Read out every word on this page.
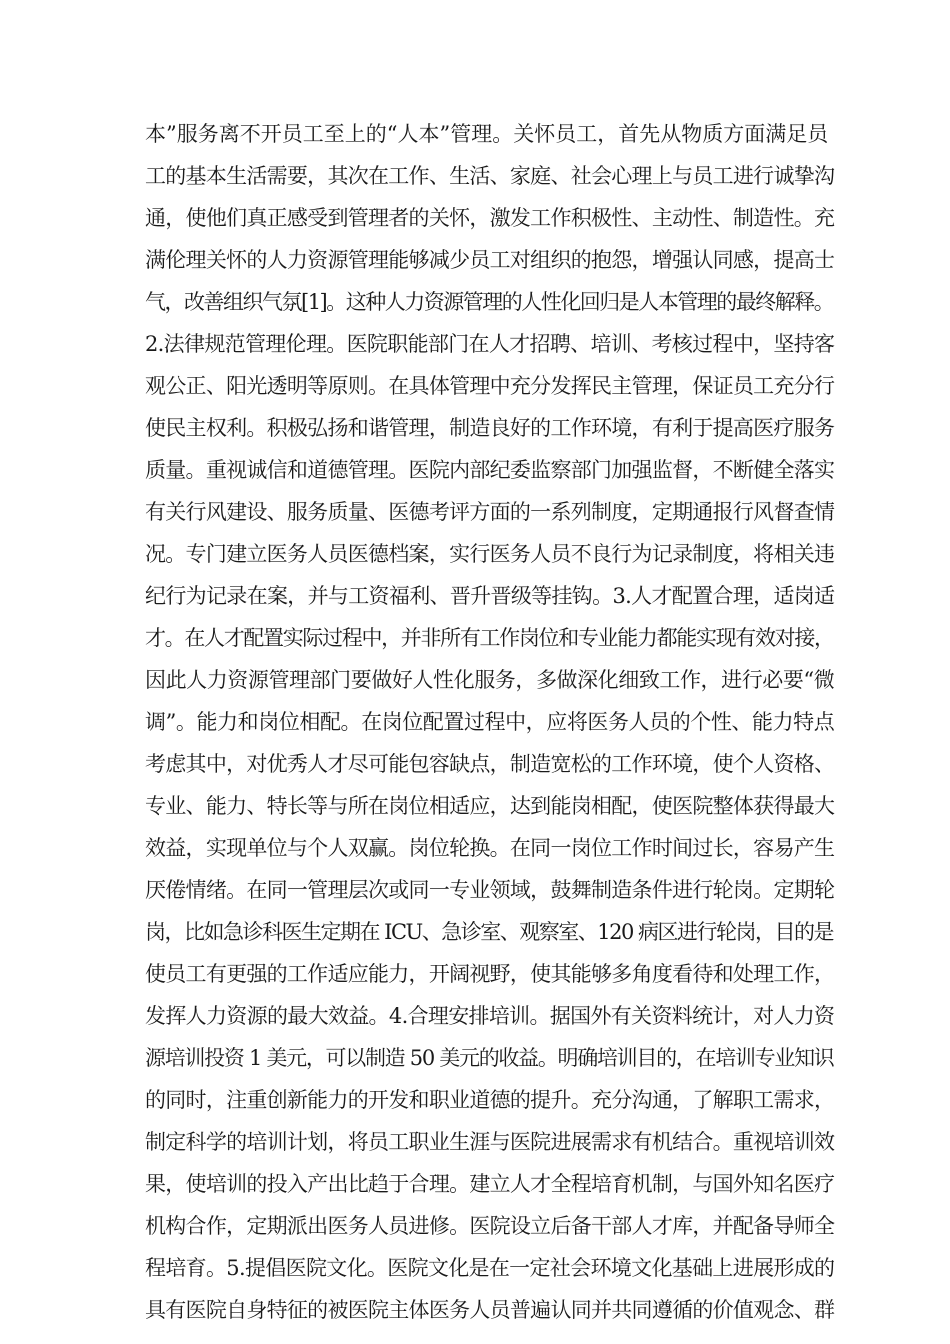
本”服务离不开员工至上的“人本”管理。关怀员工，首先从物质方面满足员
工的基本生活需要，其次在工作、生活、家庭、社会心理上与员工进行诚挚沟
通，使他们真正感受到管理者的关怀，激发工作积极性、主动性、制造性。充
满伦理关怀的人力资源管理能够减少员工对组织的抱怨，增强认同感，提高士
气，改善组织气氛[1]。这种人力资源管理的人性化回归是人本管理的最终解释。
2.法律规范管理伦理。医院职能部门在人才招聘、培训、考核过程中，坚持客
观公正、阳光透明等原则。在具体管理中充分发挥民主管理，保证员工充分行
使民主权利。积极弘扬和谐管理，制造良好的工作环境，有利于提高医疗服务
质量。重视诚信和道德管理。医院内部纪委监察部门加强监督，不断健全落实
有关行风建设、服务质量、医德考评方面的一系列制度，定期通报行风督查情
况。专门建立医务人员医德档案，实行医务人员不良行为记录制度，将相关违
纪行为记录在案，并与工资福利、晋升晋级等挂钩。3.人才配置合理，适岗适
才。在人才配置实际过程中，并非所有工作岗位和专业能力都能实现有效对接，
因此人力资源管理部门要做好人性化服务，多做深化细致工作，进行必要“微
调”。能力和岗位相配。在岗位配置过程中，应将医务人员的个性、能力特点
考虑其中，对优秀人才尽可能包容缺点，制造宽松的工作环境，使个人资格、
专业、能力、特长等与所在岗位相适应，达到能岗相配，使医院整体获得最大
效益，实现单位与个人双赢。岗位轮换。在同一岗位工作时间过长，容易产生
厌倦情绪。在同一管理层次或同一专业领域，鼓舞制造条件进行轮岗。定期轮
岗，比如急诊科医生定期在 ICU、急诊室、观察室、120 病区进行轮岗，目的是
使员工有更强的工作适应能力，开阔视野，使其能够多角度看待和处理工作，
发挥人力资源的最大效益。4.合理安排培训。据国外有关资料统计，对人力资
源培训投资 1 美元，可以制造 50 美元的收益。明确培训目的，在培训专业知识
的同时，注重创新能力的开发和职业道德的提升。充分沟通，了解职工需求，
制定科学的培训计划，将员工职业生涯与医院进展需求有机结合。重视培训效
果，使培训的投入产出比趋于合理。建立人才全程培育机制，与国外知名医疗
机构合作，定期派出医务人员进修。医院设立后备干部人才库，并配备导师全
程培育。5.提倡医院文化。医院文化是在一定社会环境文化基础上进展形成的
具有医院自身特征的被医院主体医务人员普遍认同并共同遵循的价值观念、群
